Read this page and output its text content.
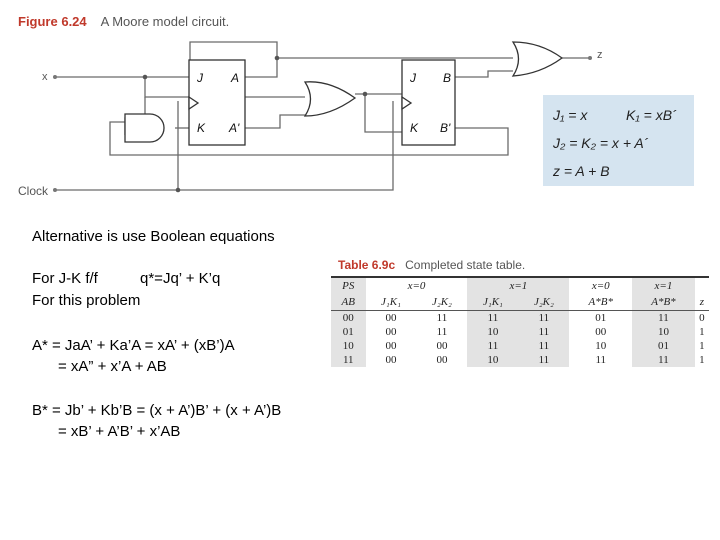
Figure 6.24 A Moore model circuit.
J
K
A
A'
J
K
B
B'
x
z
Clock
J₁ = x	K₁ = xB´
J₂ = K₂ = x + A´
z = A + B
Alternative is use Boolean equations
For J-K f/f	q*=Jq’ + K’q
For this problem
A* = JaA’ + Ka’A = xA’ + (xB’)A
= xA” + x’A + AB
B* = Jb’ + Kb’B = (x + A’)B’ + (x + A’)B
= xB’ + A’B’ + x’AB
Table 6.9c Completed state table.
PS	x=0		x=1		x=0	x=1	
AB	J₁K₁	J₂K₂	J₁K₁	J₂K₂	A*B*	A*B*	z
00	00	11	11	11	01	11	0
01	00	11	10	11	00	10	1
10	00	00	11	11	10	01	1
11	00	00	10	11	11	11	1
